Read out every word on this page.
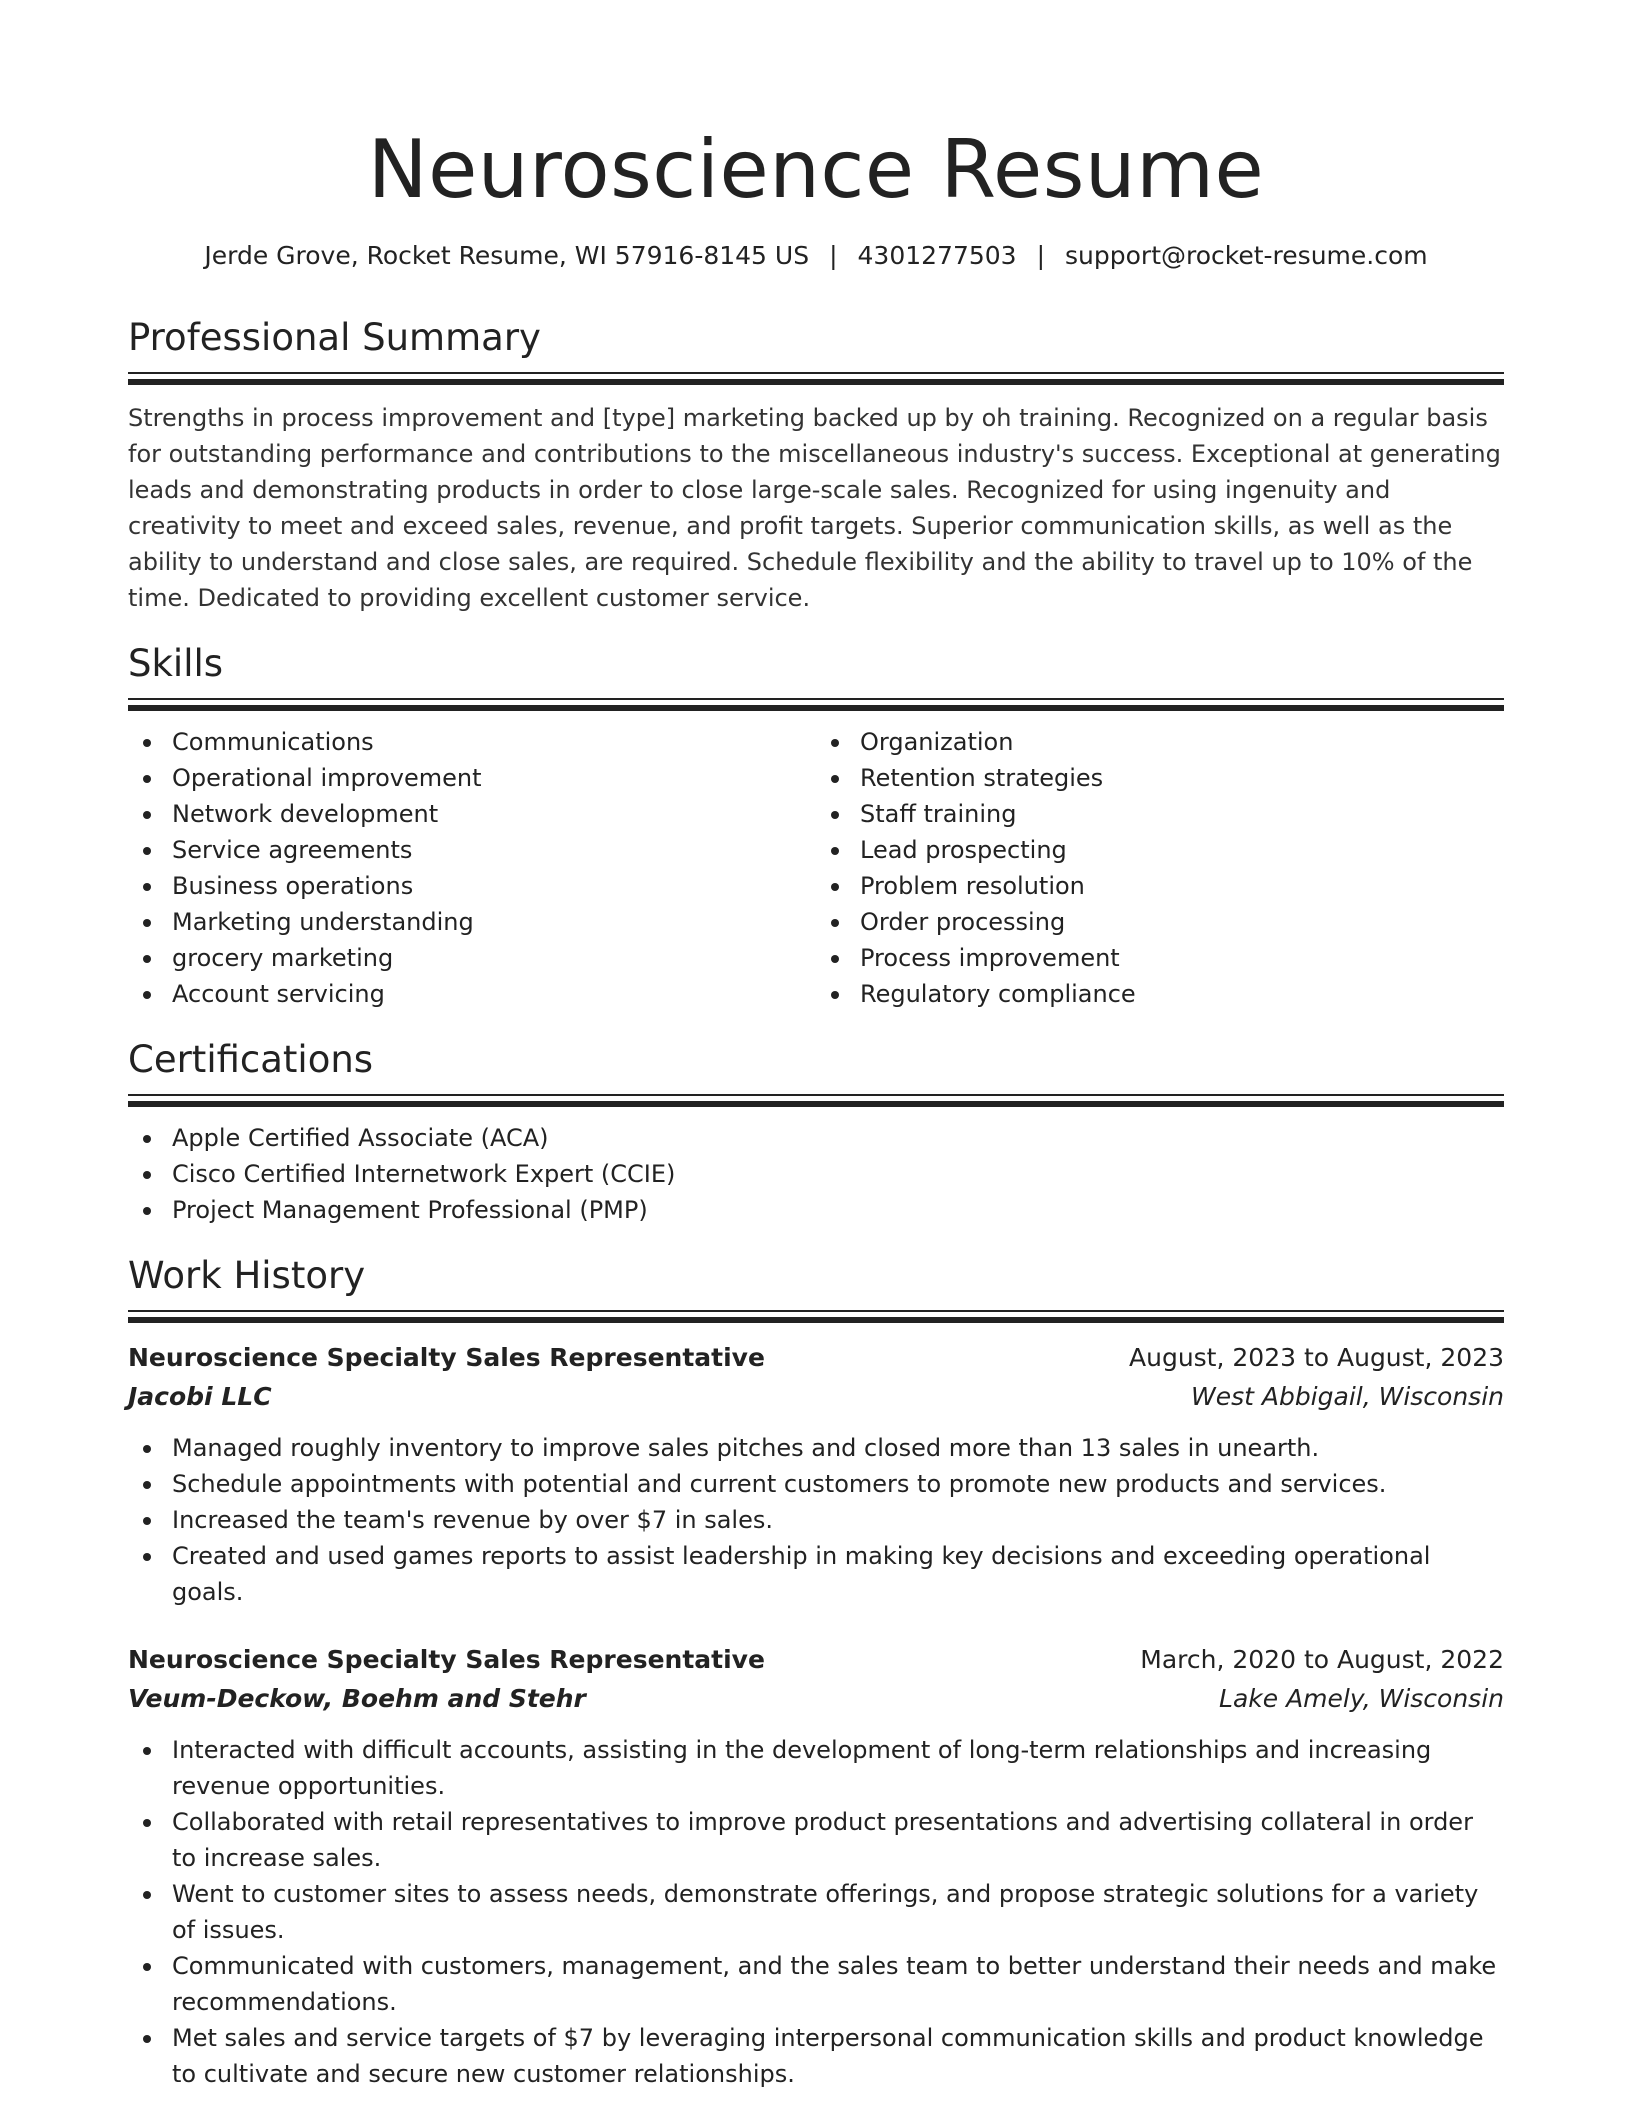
Neuroscience Resume
Jerde Grove, Rocket Resume, WI 57916-8145 US | 4301277503 | support@rocket-resume.com
Professional Summary
Strengths in process improvement and [type] marketing backed up by oh training. Recognized on a regular basis for outstanding performance and contributions to the miscellaneous industry's success. Exceptional at generating leads and demonstrating products in order to close large-scale sales. Recognized for using ingenuity and creativity to meet and exceed sales, revenue, and profit targets. Superior communication skills, as well as the ability to understand and close sales, are required. Schedule flexibility and the ability to travel up to 10% of the time. Dedicated to providing excellent customer service.
Skills
Communications
Operational improvement
Network development
Service agreements
Business operations
Marketing understanding
grocery marketing
Account servicing
Organization
Retention strategies
Staff training
Lead prospecting
Problem resolution
Order processing
Process improvement
Regulatory compliance
Certifications
Apple Certified Associate (ACA)
Cisco Certified Internetwork Expert (CCIE)
Project Management Professional (PMP)
Work History
Neuroscience Specialty Sales Representative	August, 2023 to August, 2023
Jacobi LLC	West Abbigail, Wisconsin
Managed roughly inventory to improve sales pitches and closed more than 13 sales in unearth.
Schedule appointments with potential and current customers to promote new products and services.
Increased the team's revenue by over $7 in sales.
Created and used games reports to assist leadership in making key decisions and exceeding operational goals.
Neuroscience Specialty Sales Representative	March, 2020 to August, 2022
Veum-Deckow, Boehm and Stehr	Lake Amely, Wisconsin
Interacted with difficult accounts, assisting in the development of long-term relationships and increasing revenue opportunities.
Collaborated with retail representatives to improve product presentations and advertising collateral in order to increase sales.
Went to customer sites to assess needs, demonstrate offerings, and propose strategic solutions for a variety of issues.
Communicated with customers, management, and the sales team to better understand their needs and make recommendations.
Met sales and service targets of $7 by leveraging interpersonal communication skills and product knowledge to cultivate and secure new customer relationships.
